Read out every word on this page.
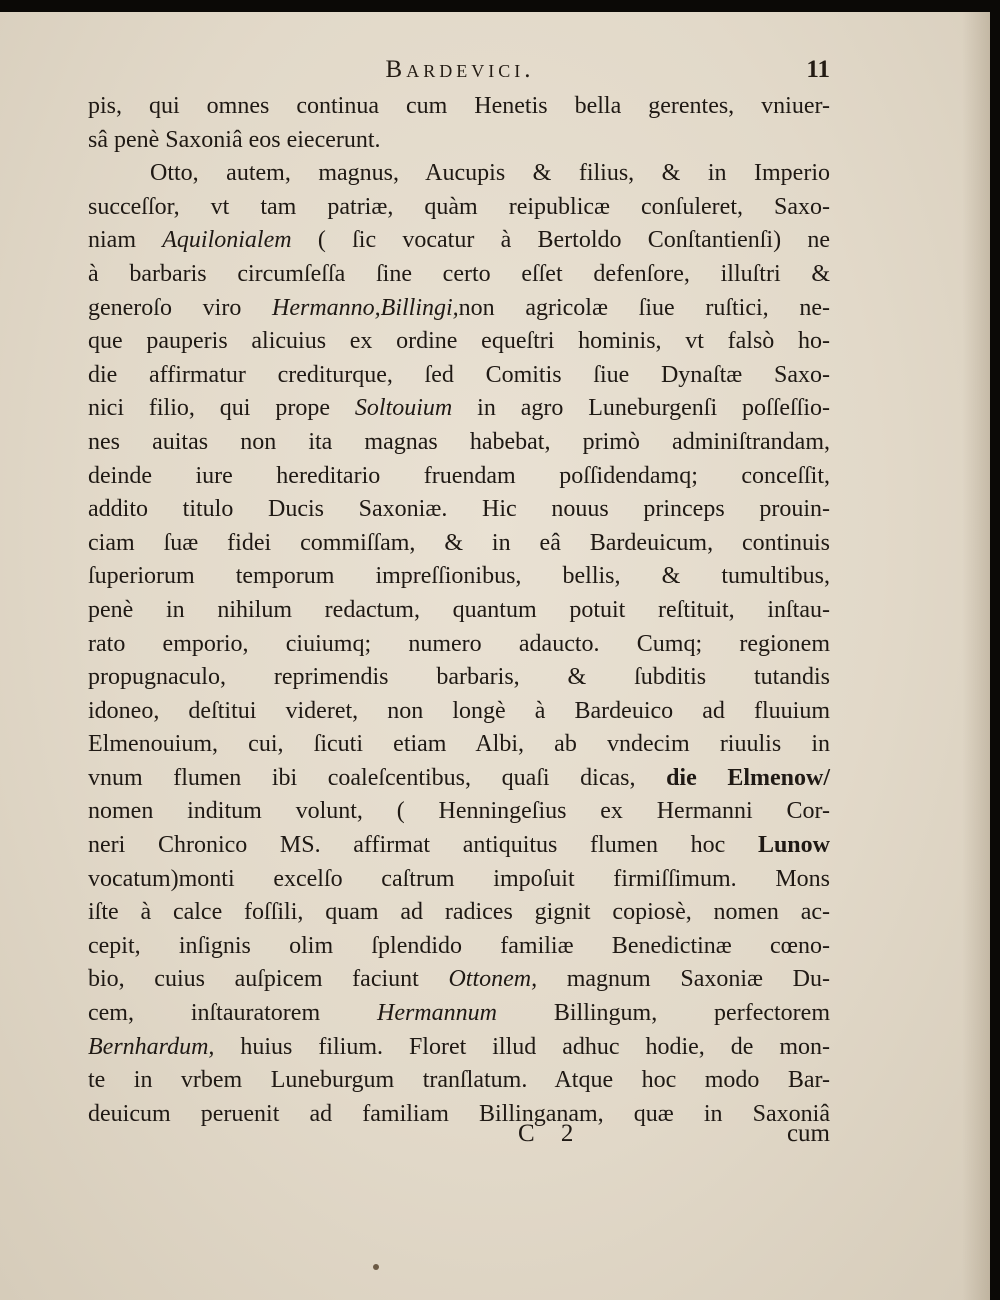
Bardevici.	11
pis, qui omnes continua cum Henetis bella gerentes, vniuer-
sâ penè Saxoniâ eos eiecerunt.
Otto, autem, magnus, Aucupis & filius, & in Imperio
succeſſor, vt tam patriæ, quàm reipublicæ conſuleret, Saxo-
niam Aquilonialem ( ſic vocatur à Bertoldo Conſtantienſi) ne
à barbaris circumſeſſa ſine certo eſſet defenſore, illuſtri &
generoſo viro Hermanno,Billingi,non agricolæ ſiue ruſtici, ne-
que pauperis alicuius ex ordine equeſtri hominis, vt falsò ho-
die affirmatur crediturque, ſed Comitis ſiue Dynaſtæ Saxo-
nici filio, qui prope Soltouium in agro Luneburgenſi poſſeſſio-
nes auitas non ita magnas habebat, primò adminiſtrandam,
deinde iure hereditario fruendam poſſidendamq; conceſſit,
addito titulo Ducis Saxoniæ. Hic nouus princeps prouin-
ciam ſuæ fidei commiſſam, & in eâ Bardeuicum, continuis
ſuperiorum temporum impreſſionibus, bellis, & tumultibus,
penè in nihilum redactum, quantum potuit reſtituit, inſtau-
rato emporio, ciuiumq; numero adaucto. Cumq; regionem
propugnaculo, reprimendis barbaris, & ſubditis tutandis
idoneo, deſtitui videret, non longè à Bardeuico ad fluuium
Elmenouium, cui, ſicuti etiam Albi, ab vndecim riuulis in
vnum flumen ibi coaleſcentibus, quaſi dicas, die Elmenow/
nomen inditum volunt, ( Henningeſius ex Hermanni Cor-
neri Chronico MS. affirmat antiquitus flumen hoc Lunow
vocatum)monti excelſo caſtrum impoſuit firmiſſimum. Mons
iſte à calce foſſili, quam ad radices gignit copiosè, nomen ac-
cepit, inſignis olim ſplendido familiæ Benedictinæ cœno-
bio, cuius auſpicem faciunt Ottonem, magnum Saxoniæ Du-
cem, inſtauratorem Hermannum Billingum, perfectorem
Bernhardum, huius filium. Floret illud adhuc hodie, de mon-
te in vrbem Luneburgum tranſlatum. Atque hoc modo Bar-
deuicum peruenit ad familiam Billinganam, quæ in Saxoniâ
C 2	cum
